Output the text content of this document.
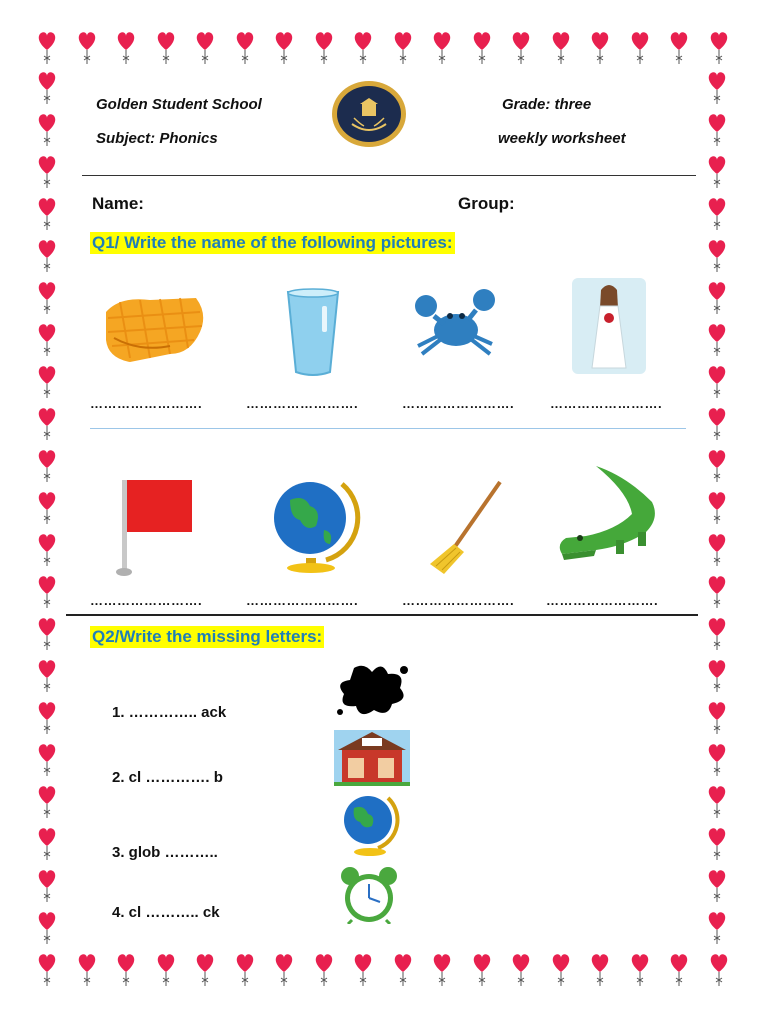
Golden Student School
Subject: Phonics
Grade: three
weekly worksheet
Name:	Group:
Q1/ Write the name of the following pictures:
…………………….	…………………….	…………………….	…………………….
…………………….	…………………….	……………………. …………………….
Q2/Write the missing letters:
1. ………….. ack
2. cl …………. b
3. glob ………..
4. cl ……….. ck
